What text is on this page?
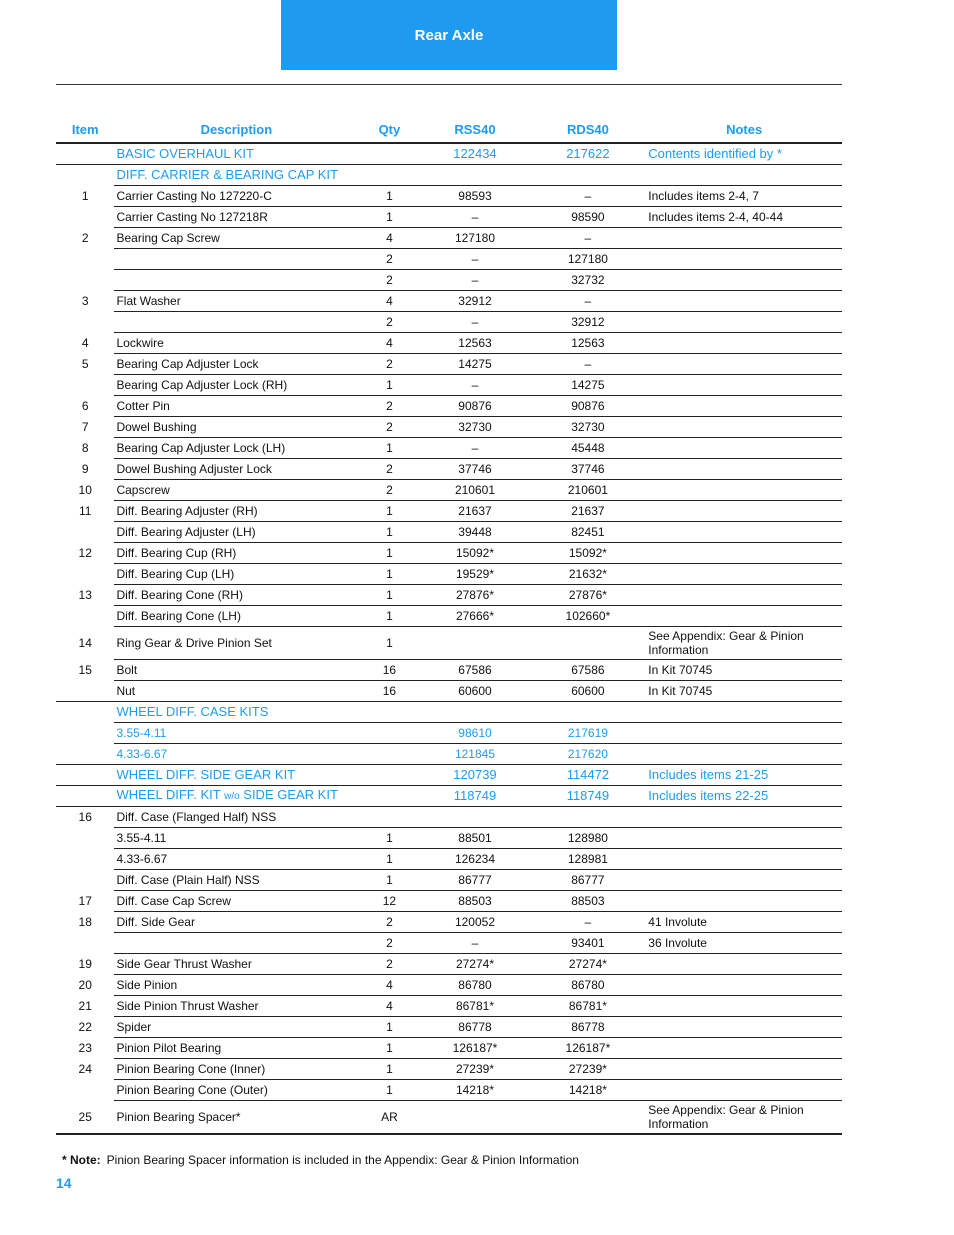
Rear Axle
Item	Description	Qty	RSS40	RDS40	Notes
	BASIC OVERHAUL KIT		122434	217622	Contents identified by *
	DIFF. CARRIER & BEARING CAP KIT				
1	Carrier Casting No 127220-C	1	98593	–	Includes items 2-4, 7
	Carrier Casting No 127218R	1	–	98590	Includes items 2-4, 40-44
2	Bearing Cap Screw	4	127180	–	
		2	–	127180	
		2	–	32732	
3	Flat Washer	4	32912	–	
		2	–	32912	
4	Lockwire	4	12563	12563	
5	Bearing Cap Adjuster Lock	2	14275	–	
	Bearing Cap Adjuster Lock (RH)	1	–	14275	
6	Cotter Pin	2	90876	90876	
7	Dowel Bushing	2	32730	32730	
8	Bearing Cap Adjuster Lock (LH)	1	–	45448	
9	Dowel Bushing Adjuster Lock	2	37746	37746	
10	Capscrew	2	210601	210601	
11	Diff. Bearing Adjuster (RH)	1	21637	21637	
	Diff. Bearing Adjuster (LH)	1	39448	82451	
12	Diff. Bearing Cup (RH)	1	15092*	15092*	
	Diff. Bearing Cup (LH)	1	19529*	21632*	
13	Diff. Bearing Cone (RH)	1	27876*	27876*	
	Diff. Bearing Cone (LH)	1	27666*	102660*	
14	Ring Gear & Drive Pinion Set	1			See Appendix: Gear & Pinion Information
15	Bolt	16	67586	67586	In Kit 70745
	Nut	16	60600	60600	In Kit 70745
	WHEEL DIFF. CASE KITS				
	3.55-4.11		98610	217619	
	4.33-6.67		121845	217620	
	WHEEL DIFF. SIDE GEAR KIT		120739	114472	Includes items 21-25
	WHEEL DIFF. KIT w/o SIDE GEAR KIT		118749	118749	Includes items 22-25
16	Diff. Case (Flanged Half) NSS				
	3.55-4.11	1	88501	128980	
	4.33-6.67	1	126234	128981	
	Diff. Case (Plain Half) NSS	1	86777	86777	
17	Diff. Case Cap Screw	12	88503	88503	
18	Diff. Side Gear	2	120052	–	41 Involute
		2	–	93401	36 Involute
19	Side Gear Thrust Washer	2	27274*	27274*	
20	Side Pinion	4	86780	86780	
21	Side Pinion Thrust Washer	4	86781*	86781*	
22	Spider	1	86778	86778	
23	Pinion Pilot Bearing	1	126187*	126187*	
24	Pinion Bearing Cone (Inner)	1	27239*	27239*	
	Pinion Bearing Cone (Outer)	1	14218*	14218*	
25	Pinion Bearing Spacer*	AR			See Appendix: Gear & Pinion Information
* Note: Pinion Bearing Spacer information is included in the Appendix: Gear & Pinion Information
14
